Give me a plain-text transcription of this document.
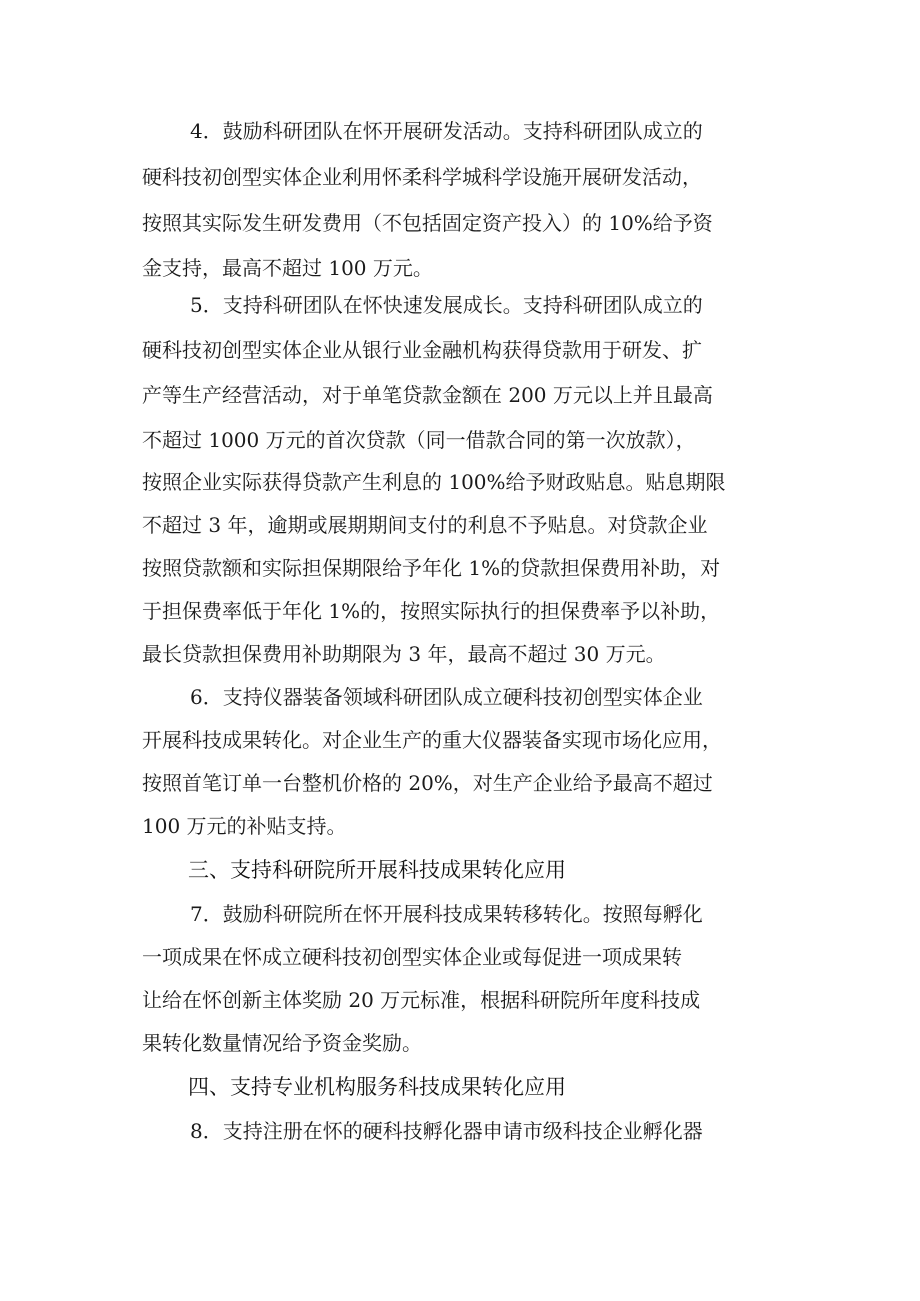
4．鼓励科研团队在怀开展研发活动。支持科研团队成立的
硬科技初创型实体企业利用怀柔科学城科学设施开展研发活动，
按照其实际发生研发费用（不包括固定资产投入）的 10%给予资
金支持，最高不超过 100 万元。
5．支持科研团队在怀快速发展成长。支持科研团队成立的
硬科技初创型实体企业从银行业金融机构获得贷款用于研发、扩
产等生产经营活动，对于单笔贷款金额在 200 万元以上并且最高
不超过 1000 万元的首次贷款（同一借款合同的第一次放款），
按照企业实际获得贷款产生利息的 100%给予财政贴息。贴息期限
不超过 3 年，逾期或展期期间支付的利息不予贴息。对贷款企业
按照贷款额和实际担保期限给予年化 1%的贷款担保费用补助，对
于担保费率低于年化 1%的，按照实际执行的担保费率予以补助，
最长贷款担保费用补助期限为 3 年，最高不超过 30 万元。
6．支持仪器装备领域科研团队成立硬科技初创型实体企业
开展科技成果转化。对企业生产的重大仪器装备实现市场化应用，
按照首笔订单一台整机价格的 20%，对生产企业给予最高不超过
100 万元的补贴支持。
三、支持科研院所开展科技成果转化应用
7．鼓励科研院所在怀开展科技成果转移转化。按照每孵化
一项成果在怀成立硬科技初创型实体企业或每促进一项成果转
让给在怀创新主体奖励 20 万元标准，根据科研院所年度科技成
果转化数量情况给予资金奖励。
四、支持专业机构服务科技成果转化应用
8．支持注册在怀的硬科技孵化器申请市级科技企业孵化器
